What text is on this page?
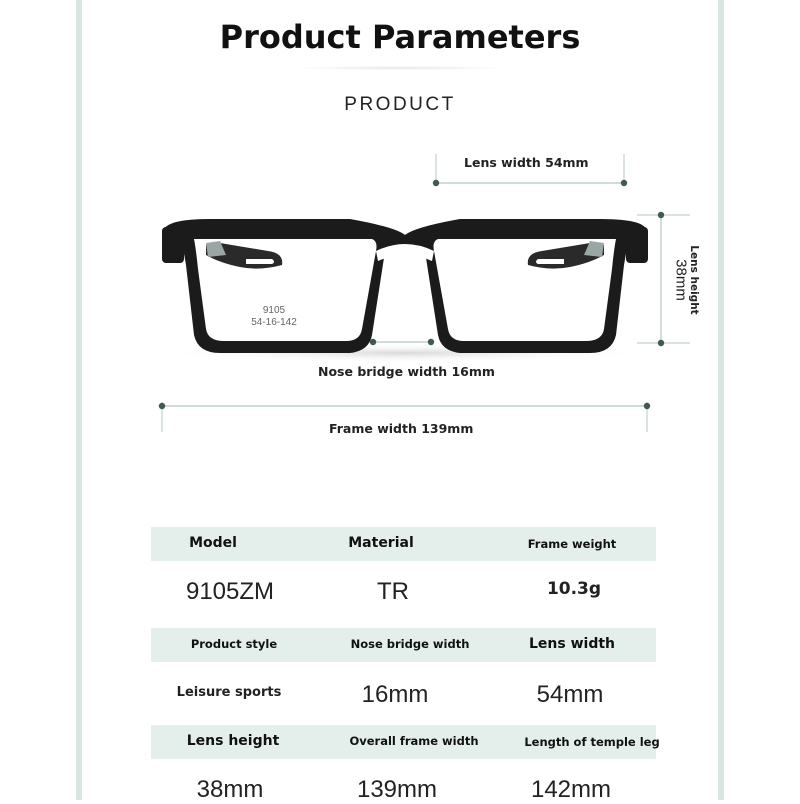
Product Parameters
PRODUCT
9105
54-16-142
Lens width 54mm
Lens height
38mm
Nose bridge width 16mm
Frame width 139mm
Model	Material	Frame weight
9105ZM	TR	10.3g
Product style	Nose bridge width	Lens width
Leisure sports	16mm	54mm
Lens height	Overall frame width	Length of temple leg
38mm	139mm	142mm
